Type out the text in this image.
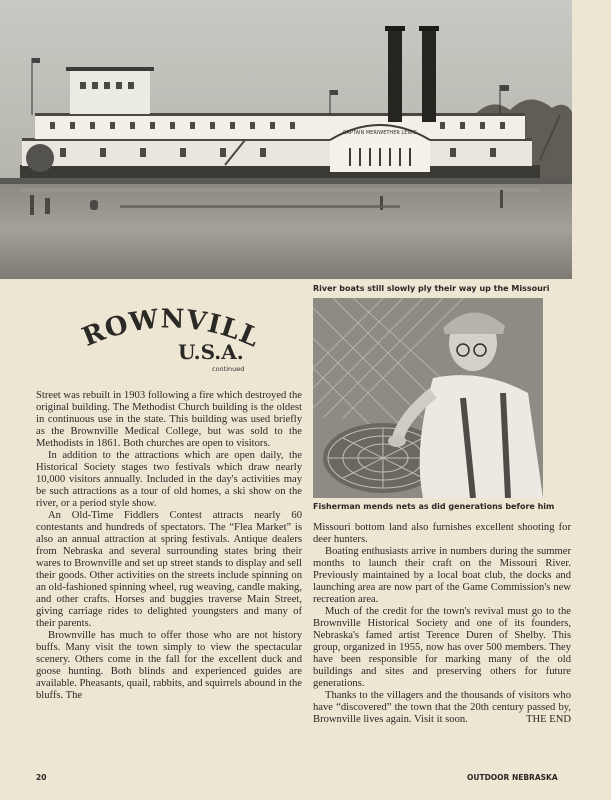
CAPTAIN MERIWETHER LEWIS
River boats still slowly ply their way up the Missouri
ROWNVILL
U.S.A.
continued
Fisherman mends nets as did generations before him

Street was rebuilt in 1903 following a fire which destroyed the original building. The Methodist Church building is the oldest in continuous use in the state. This building was used briefly as the Brownville Medical College, but was sold to the Methodists in 1861. Both churches are open to visitors.

In addition to the attractions which are open daily, the Historical Society stages two festivals which draw nearly 10,000 visitors annually. Included in the day's activities may be such attractions as a tour of old homes, a ski show on the river, or a period style show.

An Old-Time Fiddlers Contest attracts nearly 60 contestants and hundreds of spectators. The “Flea Market” is also an annual attraction at spring festivals. Antique dealers from Nebraska and several surrounding states bring their wares to Brownville and set up street stands to display and sell their goods. Other activities on the streets include spinning on an old-fashioned spinning wheel, rug weaving, candle making, and other crafts. Horses and buggies traverse Main Street, giving carriage rides to delighted youngsters and many of their parents.

Brownville has much to offer those who are not history buffs. Many visit the town simply to view the spectacular scenery. Others come in the fall for the excellent duck and goose hunting. Both blinds and experienced guides are available. Pheasants, quail, rabbits, and squirrels abound in the bluffs. The

Missouri bottom land also furnishes excellent shooting for deer hunters.

Boating enthusiasts arrive in numbers during the summer months to launch their craft on the Missouri River. Previously maintained by a local boat club, the docks and launching area are now part of the Game Commission's new recreation area.

Much of the credit for the town's revival must go to the Brownville Historical Society and one of its founders, Nebraska's famed artist Terence Duren of Shelby. This group, organized in 1955, now has over 500 members. They have been responsible for marking many of the old buildings and sites and preserving others for future generations.

Thanks to the villagers and the thousands of visitors who have “discovered” the town that the 20th century passed by, Brownville lives again. Visit it soon.	THE END

20	OUTDOOR NEBRASKA
